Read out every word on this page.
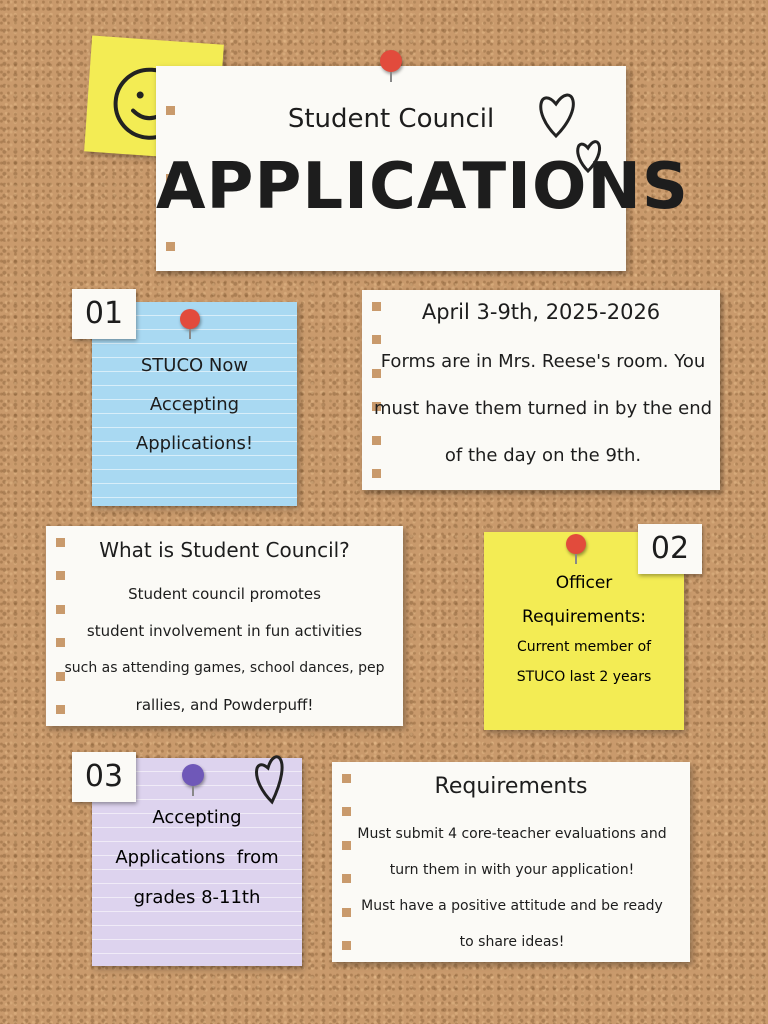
Student Council

APPLICATIONS

STUCO Now

Accepting

Applications!

01	April 3-9th, 2025-2026

Forms are in Mrs. Reese's room. You

must have them turned in by the end

of the day on the 9th.

What is Student Council?

Student council promotes

student involvement in fun activities

such as attending games, school dances, pep

rallies, and Powderpuff!

Officer Requirements:

Current member of

STUCO last 2 years

02

Accepting

Applications  from

grades 8-11th

03	Requirements

Must submit 4 core-teacher evaluations and

turn them in with your application!

Must have a positive attitude and be ready

to share ideas!
